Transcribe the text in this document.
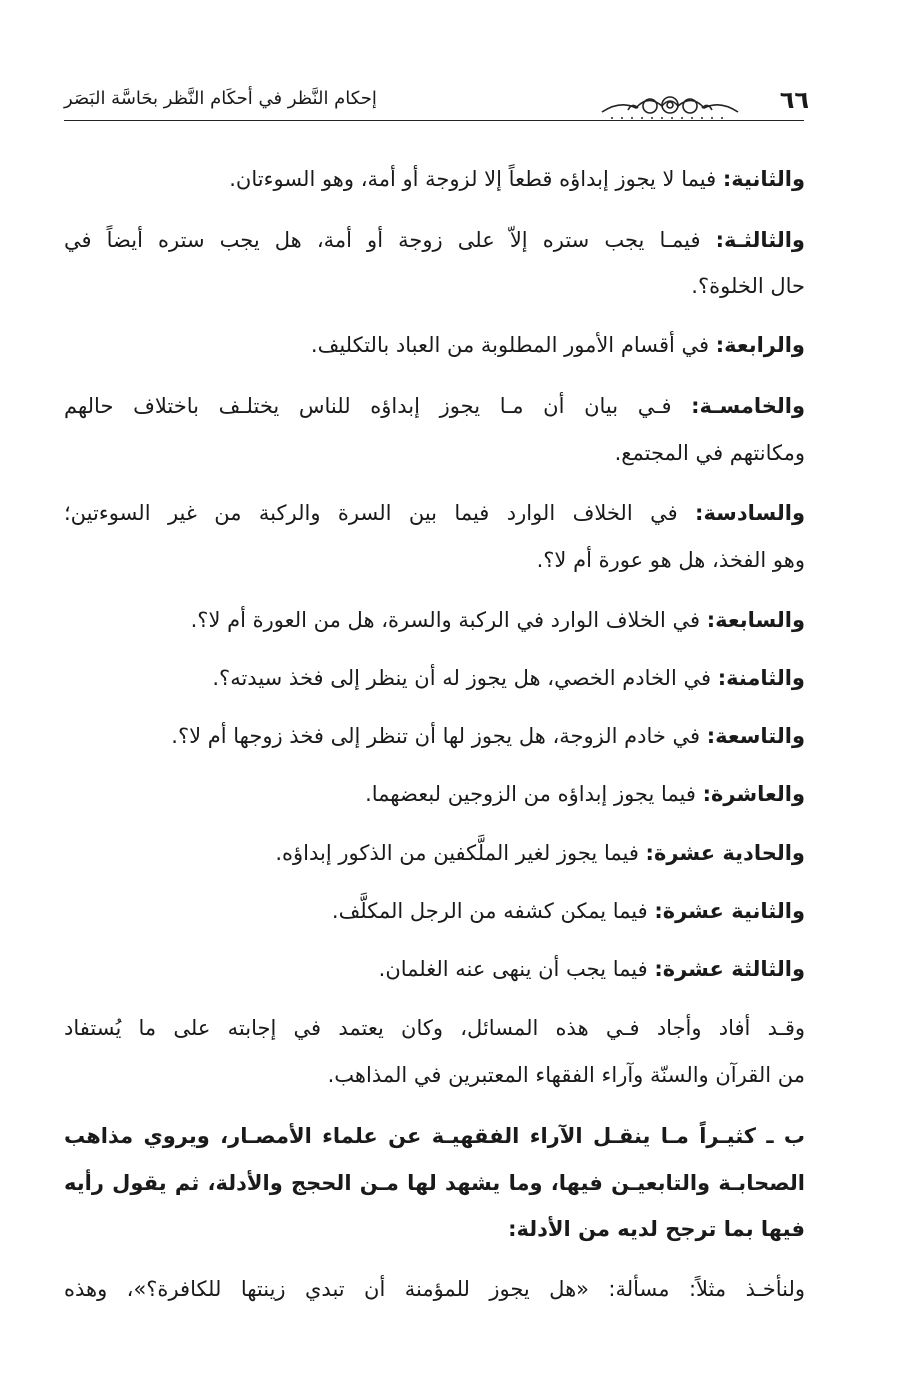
٦٦
إحكام النَّظر في أحكَام النَّظر بحَاسَّة البَصَر
والثانية: فيما لا يجوز إبداؤه قطعاً إلا لزوجة أو أمة، وهو السوءتان.
والثالثـة: فيمـا يجب ستره إلاّ على زوجة أو أمة، هل يجب ستره أيضاً في
حال الخلوة؟.
والرابعة: في أقسام الأمور المطلوبة من العباد بالتكليف.
والخامسـة: فـي بيان أن مـا يجوز إبداؤه للناس يختلـف باختلاف حالهم
ومكانتهم في المجتمع.
والسادسة: في الخلاف الوارد فيما بين السرة والركبة من غير السوءتين؛
وهو الفخذ، هل هو عورة أم لا؟.
والسابعة: في الخلاف الوارد في الركبة والسرة، هل من العورة أم لا؟.
والثامنة: في الخادم الخصي، هل يجوز له أن ينظر إلى فخذ سيدته؟.
والتاسعة: في خادم الزوجة، هل يجوز لها أن تنظر إلى فخذ زوجها أم لا؟.
والعاشرة: فيما يجوز إبداؤه من الزوجين لبعضهما.
والحادية عشرة: فيما يجوز لغير الملَّكفين من الذكور إبداؤه.
والثانية عشرة: فيما يمكن كشفه من الرجل المكلَّف.
والثالثة عشرة: فيما يجب أن ينهى عنه الغلمان.
وقـد أفاد وأجاد فـي هذه المسائل، وكان يعتمد في إجابته على ما يُستفاد
من القرآن والسنّة وآراء الفقهاء المعتبرين في المذاهب.
ب ـ كثيـراً مـا ينقـل الآراء الفقهيـة عن علماء الأمصـار، ويروي مذاهب
الصحابـة والتابعيـن فيها، وما يشهد لها مـن الحجج والأدلة، ثم يقول رأيه
فيها بما ترجح لديه من الأدلة:
ولنأخـذ مثلاً: مسألة: «هل يجوز للمؤمنة أن تبدي زينتها للكافرة؟»، وهذه
